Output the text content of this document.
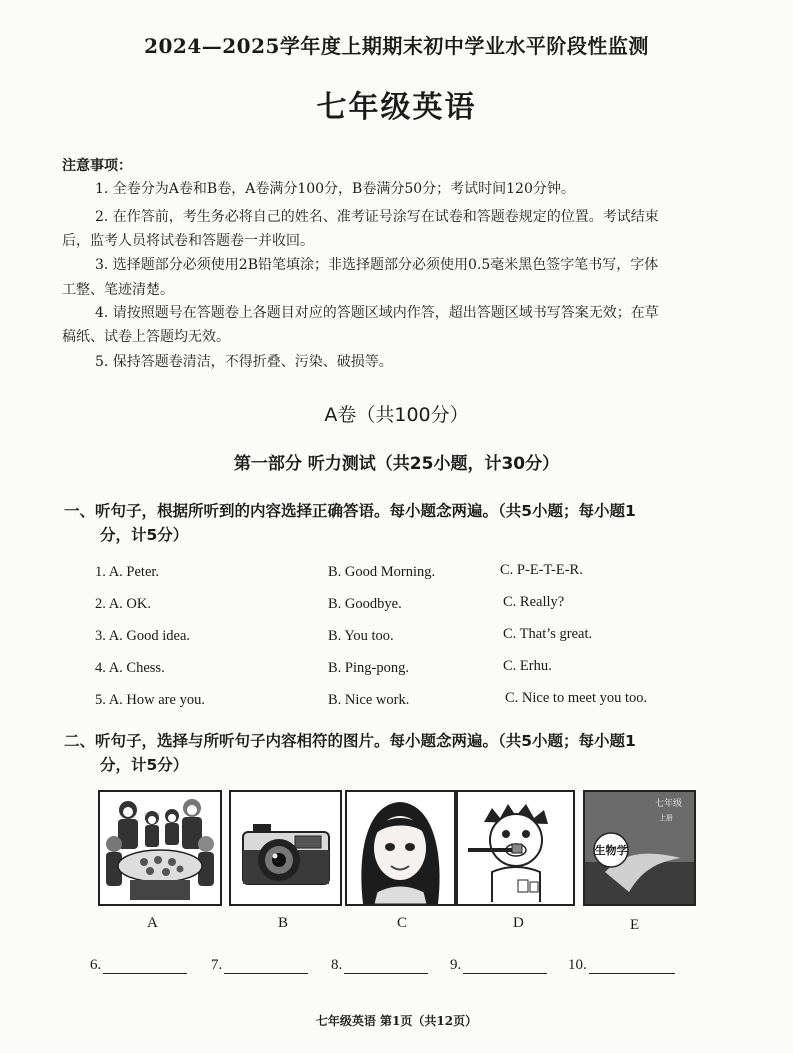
2024—2025学年度上期期末初中学业水平阶段性监测
七年级英语
注意事项：
1. 全卷分为A卷和B卷，A卷满分100分，B卷满分50分；考试时间120分钟。
2. 在作答前，考生务必将自己的姓名、准考证号涂写在试卷和答题卷规定的位置。考试结束
后，监考人员将试卷和答题卷一并收回。
3. 选择题部分必须使用2B铅笔填涂；非选择题部分必须使用0.5毫米黑色签字笔书写，字体
工整、笔迹清楚。
4. 请按照题号在答题卷上各题目对应的答题区域内作答，超出答题区域书写答案无效；在草
稿纸、试卷上答题均无效。
5. 保持答题卷清洁，不得折叠、污染、破损等。
A卷（共100分）
第一部分 听力测试（共25小题，计30分）
一、听句子，根据所听到的内容选择正确答语。每小题念两遍。（共5小题；每小题1
分，计5分）
1. A. Peter.	B. Good Morning.	C. P-E-T-E-R.
2. A. OK.	B. Goodbye.	C. Really?
3. A. Good idea.	B. You too.	C. That’s great.
4. A. Chess.	B. Ping-pong.	C. Erhu.
5. A. How are you.	B. Nice work.	C. Nice to meet you too.
二、听句子，选择与所听句子内容相符的图片。每小题念两遍。（共5小题；每小题1
分，计5分）
七年级
上册
生物学
A	B	C	D	E
6.	7.	8.	9.	10.
七年级英语 第1页（共12页）
